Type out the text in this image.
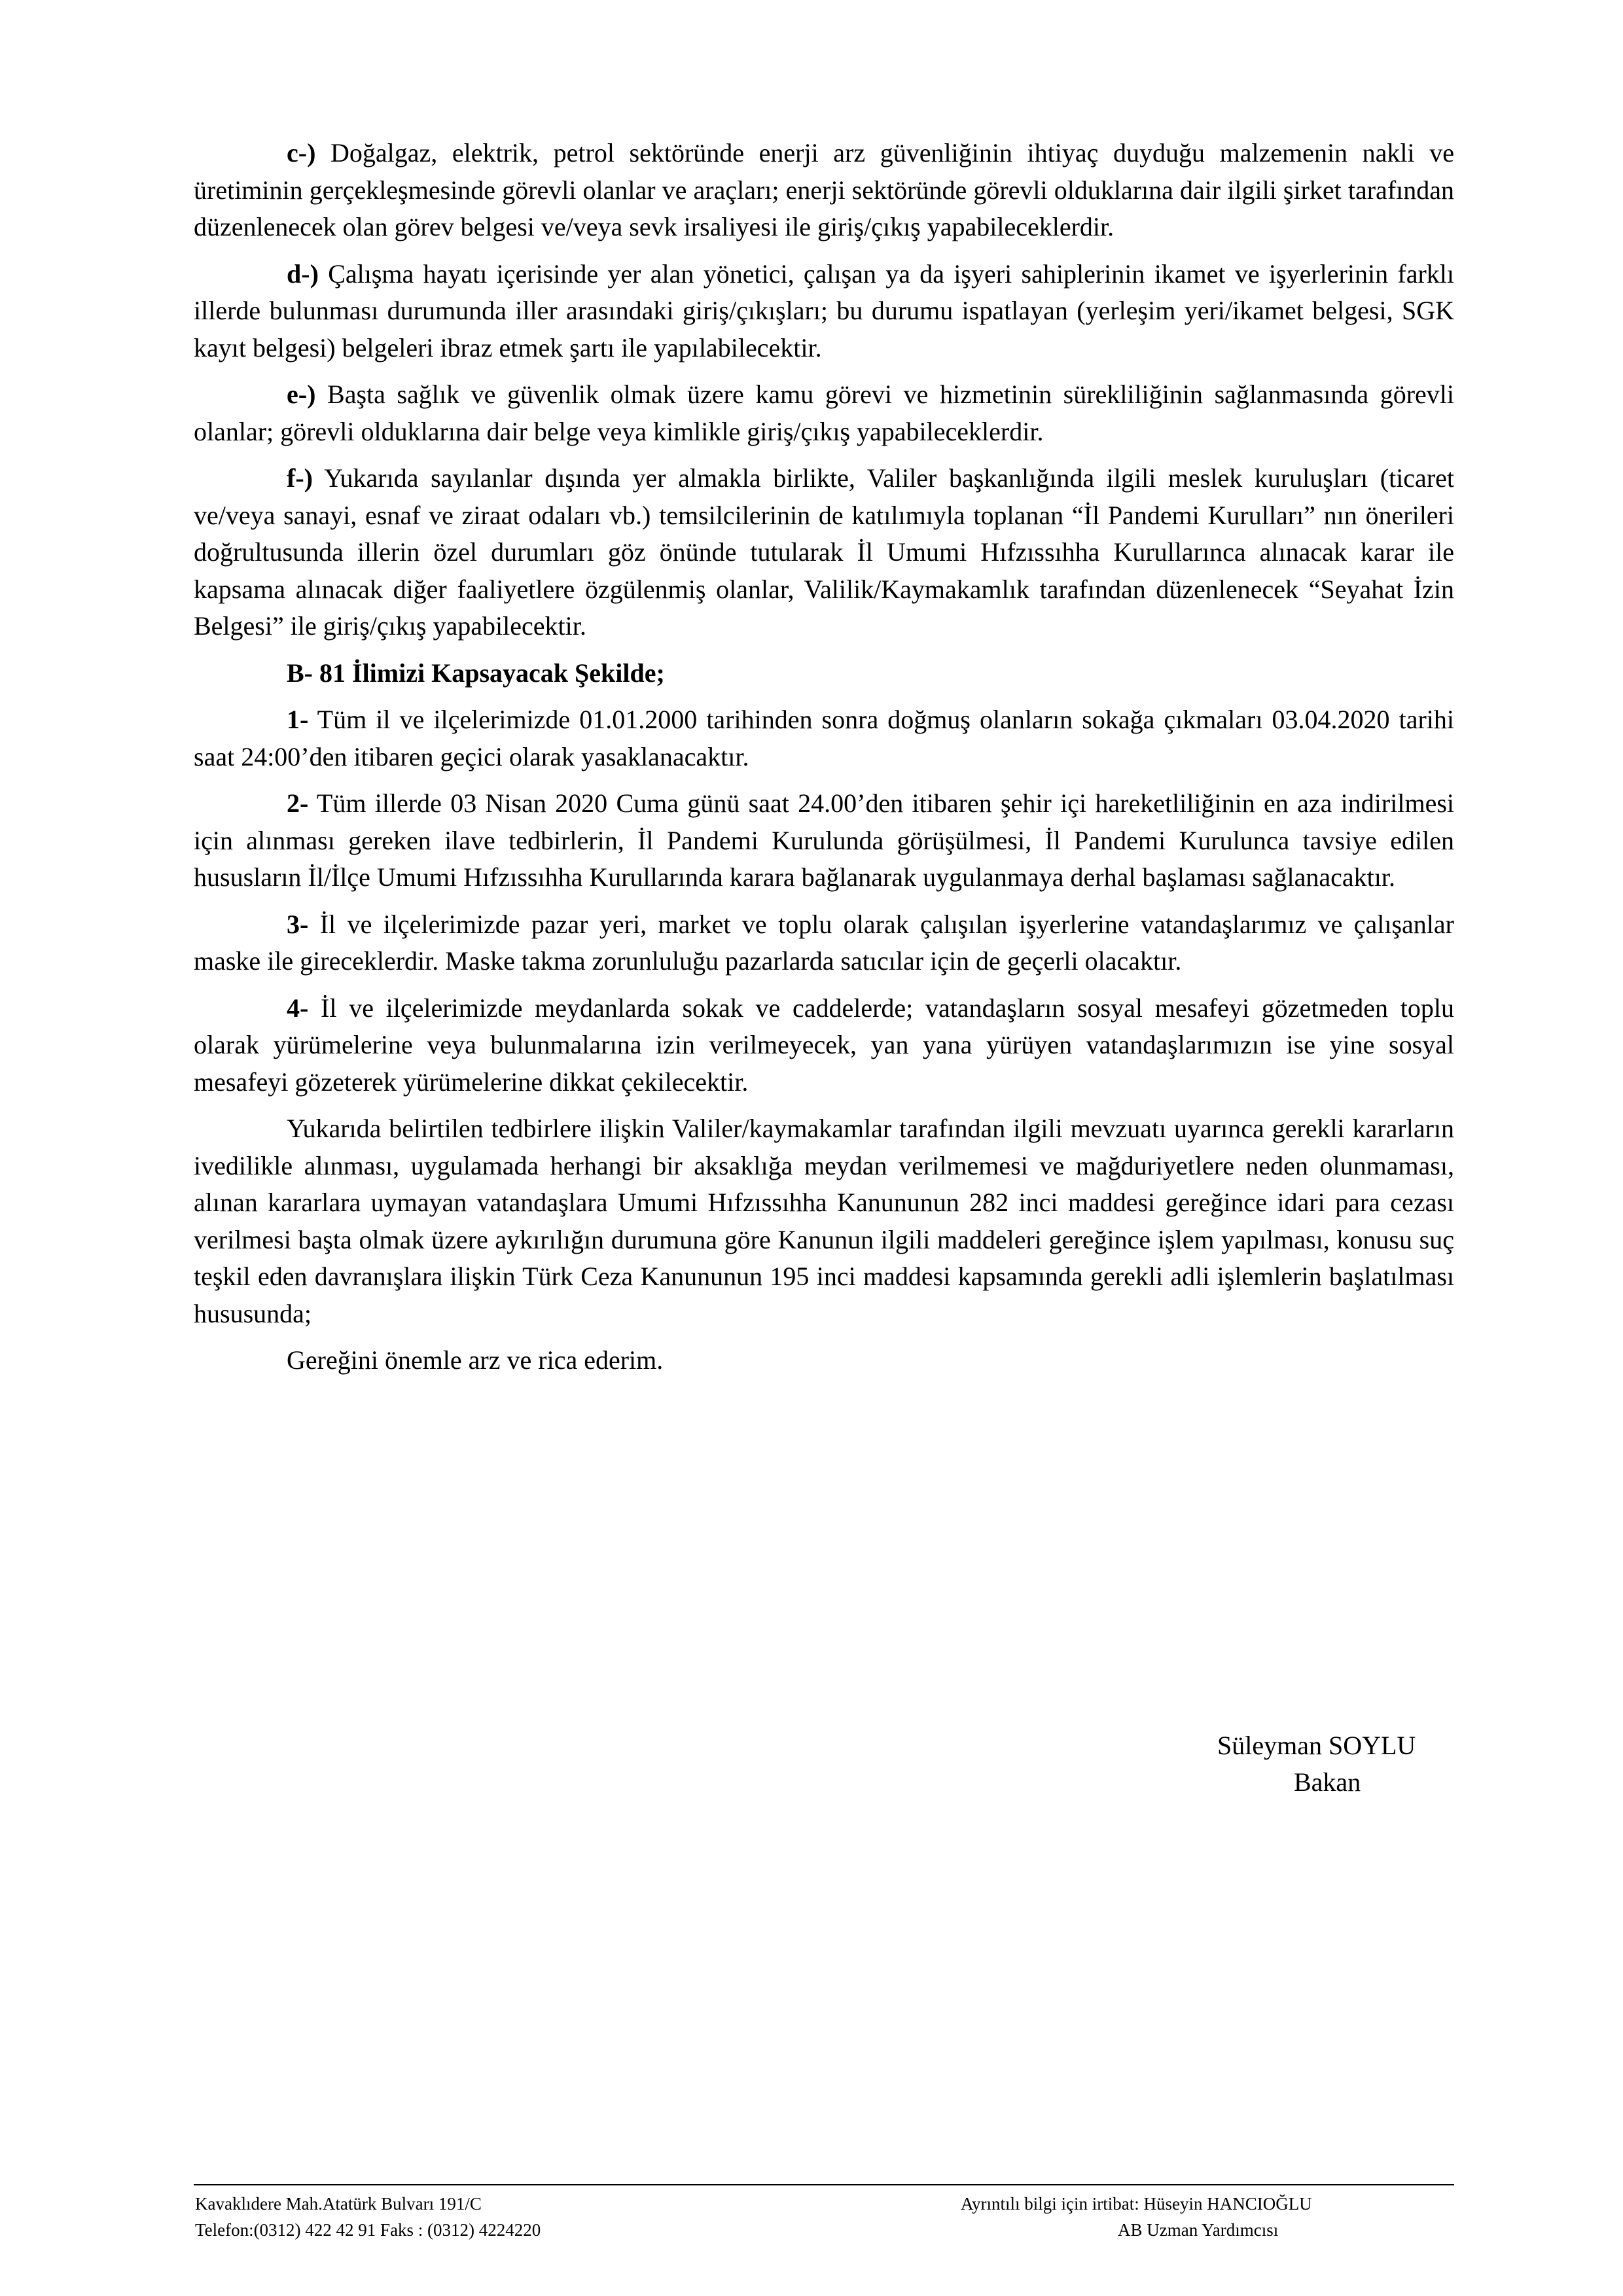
c-) Doğalgaz, elektrik, petrol sektöründe enerji arz güvenliğinin ihtiyaç duyduğu malzemenin nakli ve üretiminin gerçekleşmesinde görevli olanlar ve araçları; enerji sektöründe görevli olduklarına dair ilgili şirket tarafından düzenlenecek olan görev belgesi ve/veya sevk irsaliyesi ile giriş/çıkış yapabileceklerdir.

d-) Çalışma hayatı içerisinde yer alan yönetici, çalışan ya da işyeri sahiplerinin ikamet ve işyerlerinin farklı illerde bulunması durumunda iller arasındaki giriş/çıkışları; bu durumu ispatlayan (yerleşim yeri/ikamet belgesi, SGK kayıt belgesi) belgeleri ibraz etmek şartı ile yapılabilecektir.

e-) Başta sağlık ve güvenlik olmak üzere kamu görevi ve hizmetinin sürekliliğinin sağlanmasında görevli olanlar; görevli olduklarına dair belge veya kimlikle giriş/çıkış yapabileceklerdir.

f-) Yukarıda sayılanlar dışında yer almakla birlikte, Valiler başkanlığında ilgili meslek kuruluşları (ticaret ve/veya sanayi, esnaf ve ziraat odaları vb.) temsilcilerinin de katılımıyla toplanan “İl Pandemi Kurulları” nın önerileri doğrultusunda illerin özel durumları göz önünde tutularak İl Umumi Hıfzıssıhha Kurullarınca alınacak karar ile kapsama alınacak diğer faaliyetlere özgülenmiş olanlar, Valilik/Kaymakamlık tarafından düzenlenecek “Seyahat İzin Belgesi” ile giriş/çıkış yapabilecektir.

B- 81 İlimizi Kapsayacak Şekilde;

1- Tüm il ve ilçelerimizde 01.01.2000 tarihinden sonra doğmuş olanların sokağa çıkmaları 03.04.2020 tarihi saat 24:00’den itibaren geçici olarak yasaklanacaktır.

2- Tüm illerde 03 Nisan 2020 Cuma günü saat 24.00’den itibaren şehir içi hareketliliğinin en aza indirilmesi için alınması gereken ilave tedbirlerin, İl Pandemi Kurulunda görüşülmesi, İl Pandemi Kurulunca tavsiye edilen hususların İl/İlçe Umumi Hıfzıssıhha Kurullarında karara bağlanarak uygulanmaya derhal başlaması sağlanacaktır.

3- İl ve ilçelerimizde pazar yeri, market ve toplu olarak çalışılan işyerlerine vatandaşlarımız ve çalışanlar maske ile gireceklerdir. Maske takma zorunluluğu pazarlarda satıcılar için de geçerli olacaktır.

4- İl ve ilçelerimizde meydanlarda sokak ve caddelerde; vatandaşların sosyal mesafeyi gözetmeden toplu olarak yürümelerine veya bulunmalarına izin verilmeyecek, yan yana yürüyen vatandaşlarımızın ise yine sosyal mesafeyi gözeterek yürümelerine dikkat çekilecektir.

Yukarıda belirtilen tedbirlere ilişkin Valiler/kaymakamlar tarafından ilgili mevzuatı uyarınca gerekli kararların ivedilikle alınması, uygulamada herhangi bir aksaklığa meydan verilmemesi ve mağduriyetlere neden olunmaması, alınan kararlara uymayan vatandaşlara Umumi Hıfzıssıhha Kanununun 282 inci maddesi gereğince idari para cezası verilmesi başta olmak üzere aykırılığın durumuna göre Kanunun ilgili maddeleri gereğince işlem yapılması, konusu suç teşkil eden davranışlara ilişkin Türk Ceza Kanununun 195 inci maddesi kapsamında gerekli adli işlemlerin başlatılması hususunda;

Gereğini önemle arz ve rica ederim.

Süleyman SOYLU
Bakan
Kavaklıdere Mah.Atatürk Bulvarı 191/C
Telefon:(0312) 422 42 91 Faks : (0312) 4224220
Ayrıntılı bilgi için irtibat: Hüseyin HANCIOĞLU
AB Uzman Yardımcısı
